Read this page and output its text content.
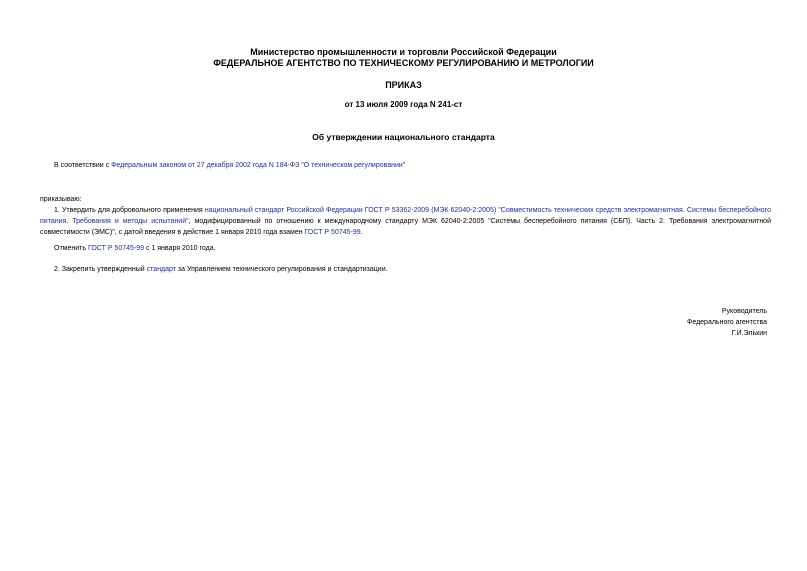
Министерство промышленности и торговли Российской Федерации
ФЕДЕРАЛЬНОЕ АГЕНТСТВО ПО ТЕХНИЧЕСКОМУ РЕГУЛИРОВАНИЮ И МЕТРОЛОГИИ
ПРИКАЗ
от 13 июля 2009 года N 241-ст
Об утверждении национального стандарта
В соответствии с Федеральным законом от 27 декабря 2002 года N 184-ФЗ "О техническом регулировании"
приказываю:
1. Утвердить для добровольного применения национальный стандарт Российской Федерации ГОСТ Р 53362-2009 (МЭК 62040-2:2005) "Совместимость технических средств электромагнитная. Системы бесперебойного питания. Требования и методы испытаний", модифицированный по отношению к международному стандарту МЭК 62040-2:2005 "Системы бесперебойного питания (СБП). Часть 2. Требования электромагнитной совместимости (ЭМС)", с датой введения в действие 1 января 2010 года взамен ГОСТ Р 50745-99.
Отменить ГОСТ Р 50745-99 с 1 января 2010 года.
2. Закрепить утвержденный стандарт за Управлением технического регулирования и стандартизации.
Руководитель
Федерального агентства
Г.И.Элькин
